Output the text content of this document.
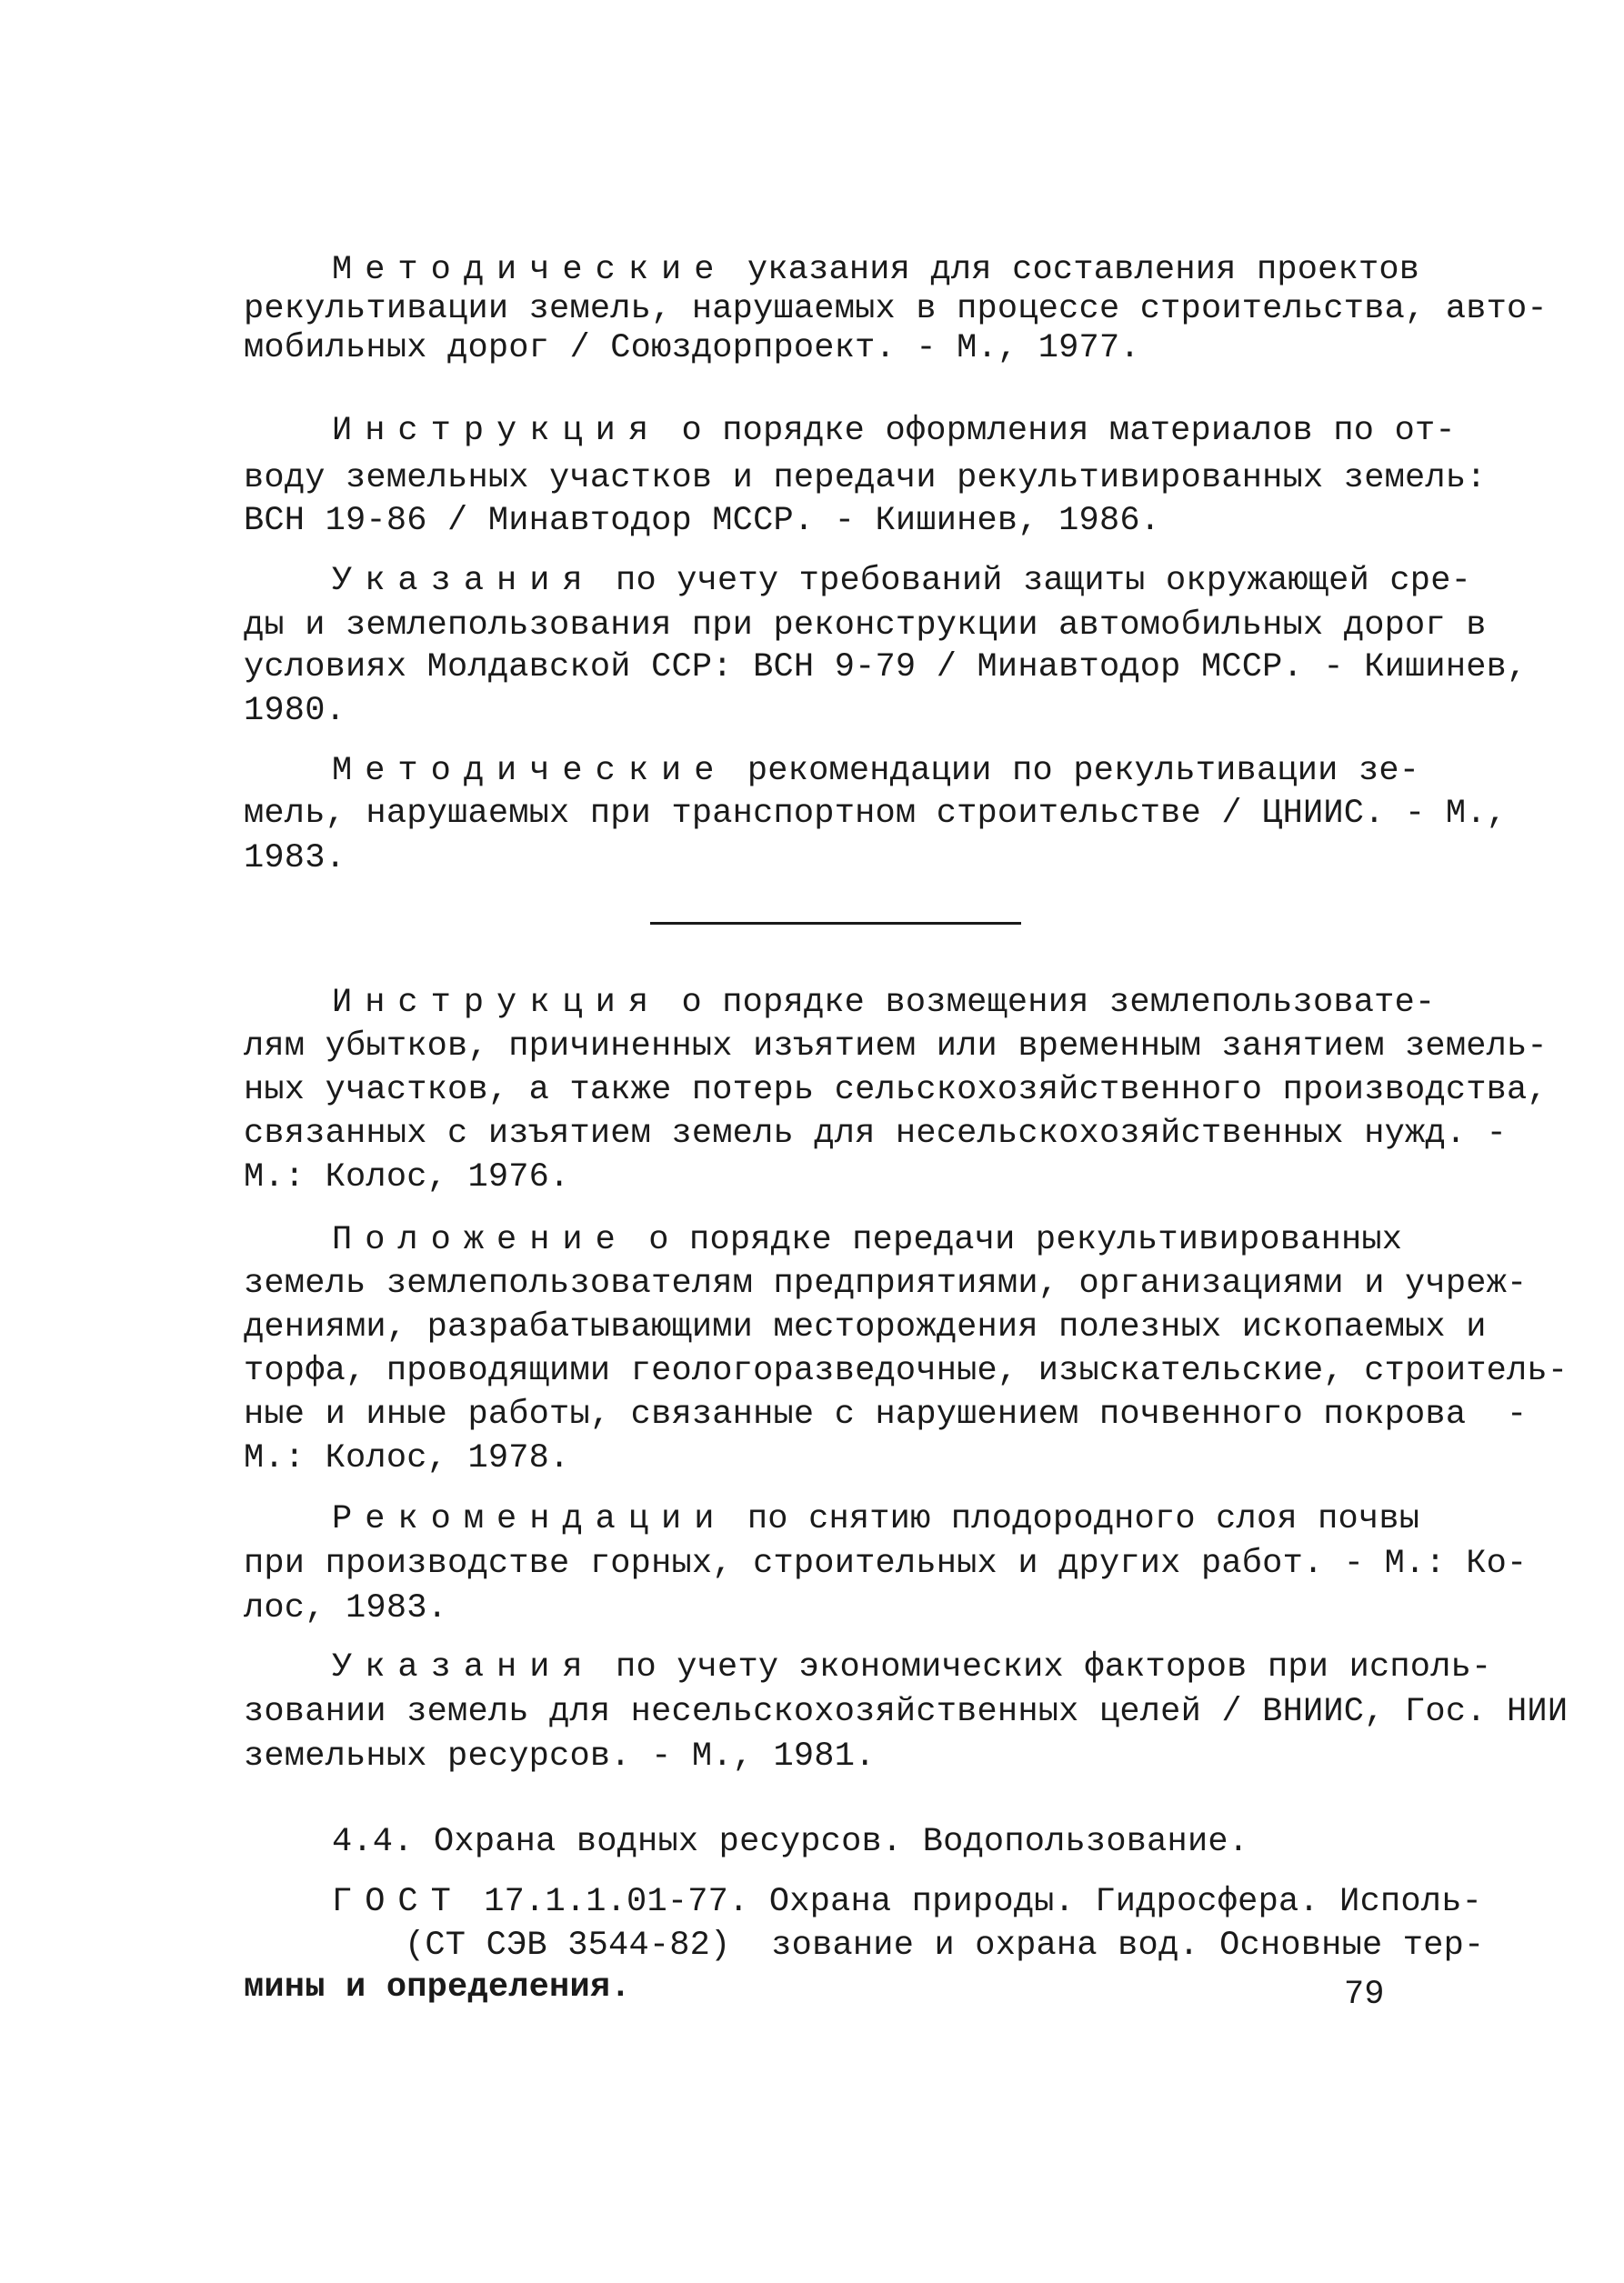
Методические указания для составления проектов
рекультивации земель, нарушаемых в процессе строительства, авто-
мобильных дорог / Союздорпроект. - М., 1977.
Инструкция о порядке оформления материалов по от-
воду земельных участков и передачи рекультивированных земель:
ВСН 19-86 / Минавтодор МССР. - Кишинев, 1986.
Указания по учету требований защиты окружающей сре-
ды и землепользования при реконструкции автомобильных дорог в
условиях Молдавской ССР: ВСН 9-79 / Минавтодор МССР. - Кишинев,
1980.
Методические рекомендации по рекультивации зе-
мель, нарушаемых при транспортном строительстве / ЦНИИС. - М.,
1983.
Инструкция о порядке возмещения землепользовате-
лям убытков, причиненных изъятием или временным занятием земель-
ных участков, а также потерь сельскохозяйственного производства,
связанных с изъятием земель для несельскохозяйственных нужд. -
М.: Колос, 1976.
Положение о порядке передачи рекультивированных
земель землепользователям предприятиями, организациями и учреж-
дениями, разрабатывающими месторождения полезных ископаемых и
торфа, проводящими геологоразведочные, изыскательские, строитель-
ные и иные работы, связанные с нарушением почвенного покрова  -
М.: Колос, 1978.
Рекомендации по снятию плодородного слоя почвы
при производстве горных, строительных и других работ. - М.: Ко-
лос, 1983.
Указания по учету экономических факторов при исполь-
зовании земель для несельскохозяйственных целей / ВНИИС, Гос. НИИ
земельных ресурсов. - М., 1981.
4.4. Охрана водных ресурсов. Водопользование.
ГОСТ 17.1.1.01-77. Охрана природы. Гидросфера. Исполь-
(СТ СЭВ 3544-82)  зование и охрана вод. Основные тер-
мины и определения.	79
